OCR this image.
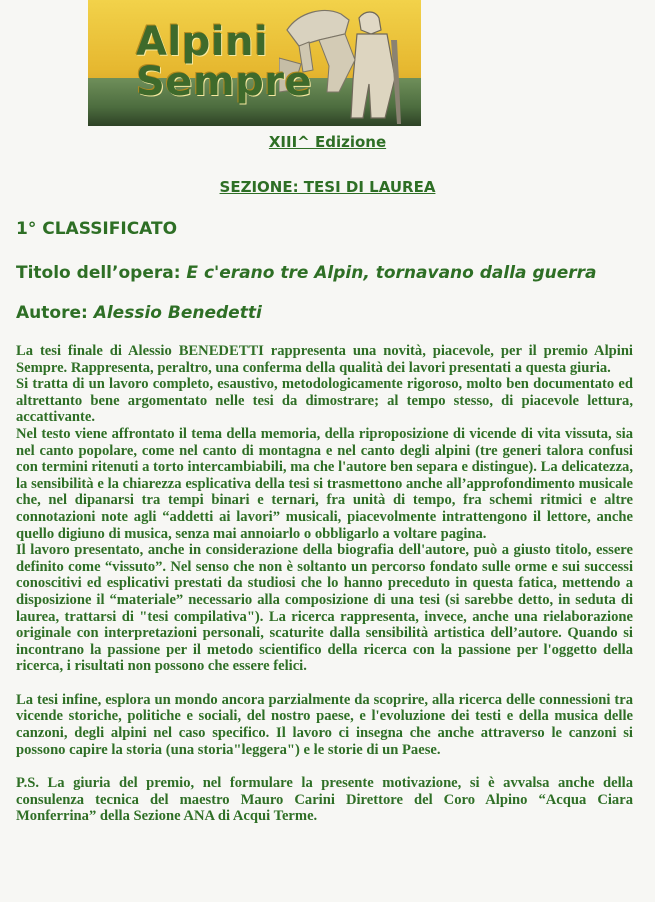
Alpini
Sempre
XIII^ Edizione
SEZIONE: TESI DI LAUREA
1° CLASSIFICATO
Titolo dell’opera: E c'erano tre Alpin, tornavano dalla guerra
Autore: Alessio Benedetti

La tesi finale di Alessio BENEDETTI rappresenta una novità, piacevole, per il premio Alpini Sempre. Rappresenta, peraltro, una conferma della qualità dei lavori presentati a questa giuria.

Si tratta di un lavoro completo, esaustivo, metodologicamente rigoroso, molto ben documentato ed altrettanto bene argomentato nelle tesi da dimostrare; al tempo stesso, di piacevole lettura, accattivante.

Nel testo viene affrontato il tema della memoria, della riproposizione di vicende di vita vissuta, sia nel canto popolare, come nel canto di montagna e nel canto degli alpini (tre generi talora confusi con termini ritenuti a torto intercambiabili, ma che l'autore ben separa e distingue). La delicatezza, la sensibilità e la chiarezza esplicativa della tesi si trasmettono anche all’approfondimento musicale che, nel dipanarsi tra tempi binari e ternari, fra unità di tempo, fra schemi ritmici e altre connotazioni note agli “addetti ai lavori” musicali, piacevolmente intrattengono il lettore, anche quello digiuno di musica, senza mai annoiarlo o obbligarlo a voltare pagina.

Il lavoro presentato, anche in considerazione della biografia dell'autore, può a giusto titolo, essere definito come “vissuto”. Nel senso che non è soltanto un percorso fondato sulle orme e sui successi conoscitivi ed esplicativi prestati da studiosi che lo hanno preceduto in questa fatica, mettendo a disposizione il “materiale” necessario alla composizione di una tesi (si sarebbe detto, in seduta di laurea, trattarsi di "tesi compilativa"). La ricerca rappresenta, invece, anche una rielaborazione originale con interpretazioni personali, scaturite dalla sensibilità artistica dell’autore. Quando si incontrano la passione per il metodo scientifico della ricerca con la passione per l'oggetto della ricerca, i risultati non possono che essere felici.

La tesi infine, esplora un mondo ancora parzialmente da scoprire, alla ricerca delle connessioni tra vicende storiche, politiche e sociali, del nostro paese, e l'evoluzione dei testi e della musica delle canzoni, degli alpini nel caso specifico. Il lavoro ci insegna che anche attraverso le canzoni si possono capire la storia (una storia"leggera") e le storie di un Paese.

P.S. La giuria del premio, nel formulare la presente motivazione, si è avvalsa anche della consulenza tecnica del maestro Mauro Carini Direttore del Coro Alpino “Acqua Ciara Monferrina” della Sezione ANA di Acqui Terme.
